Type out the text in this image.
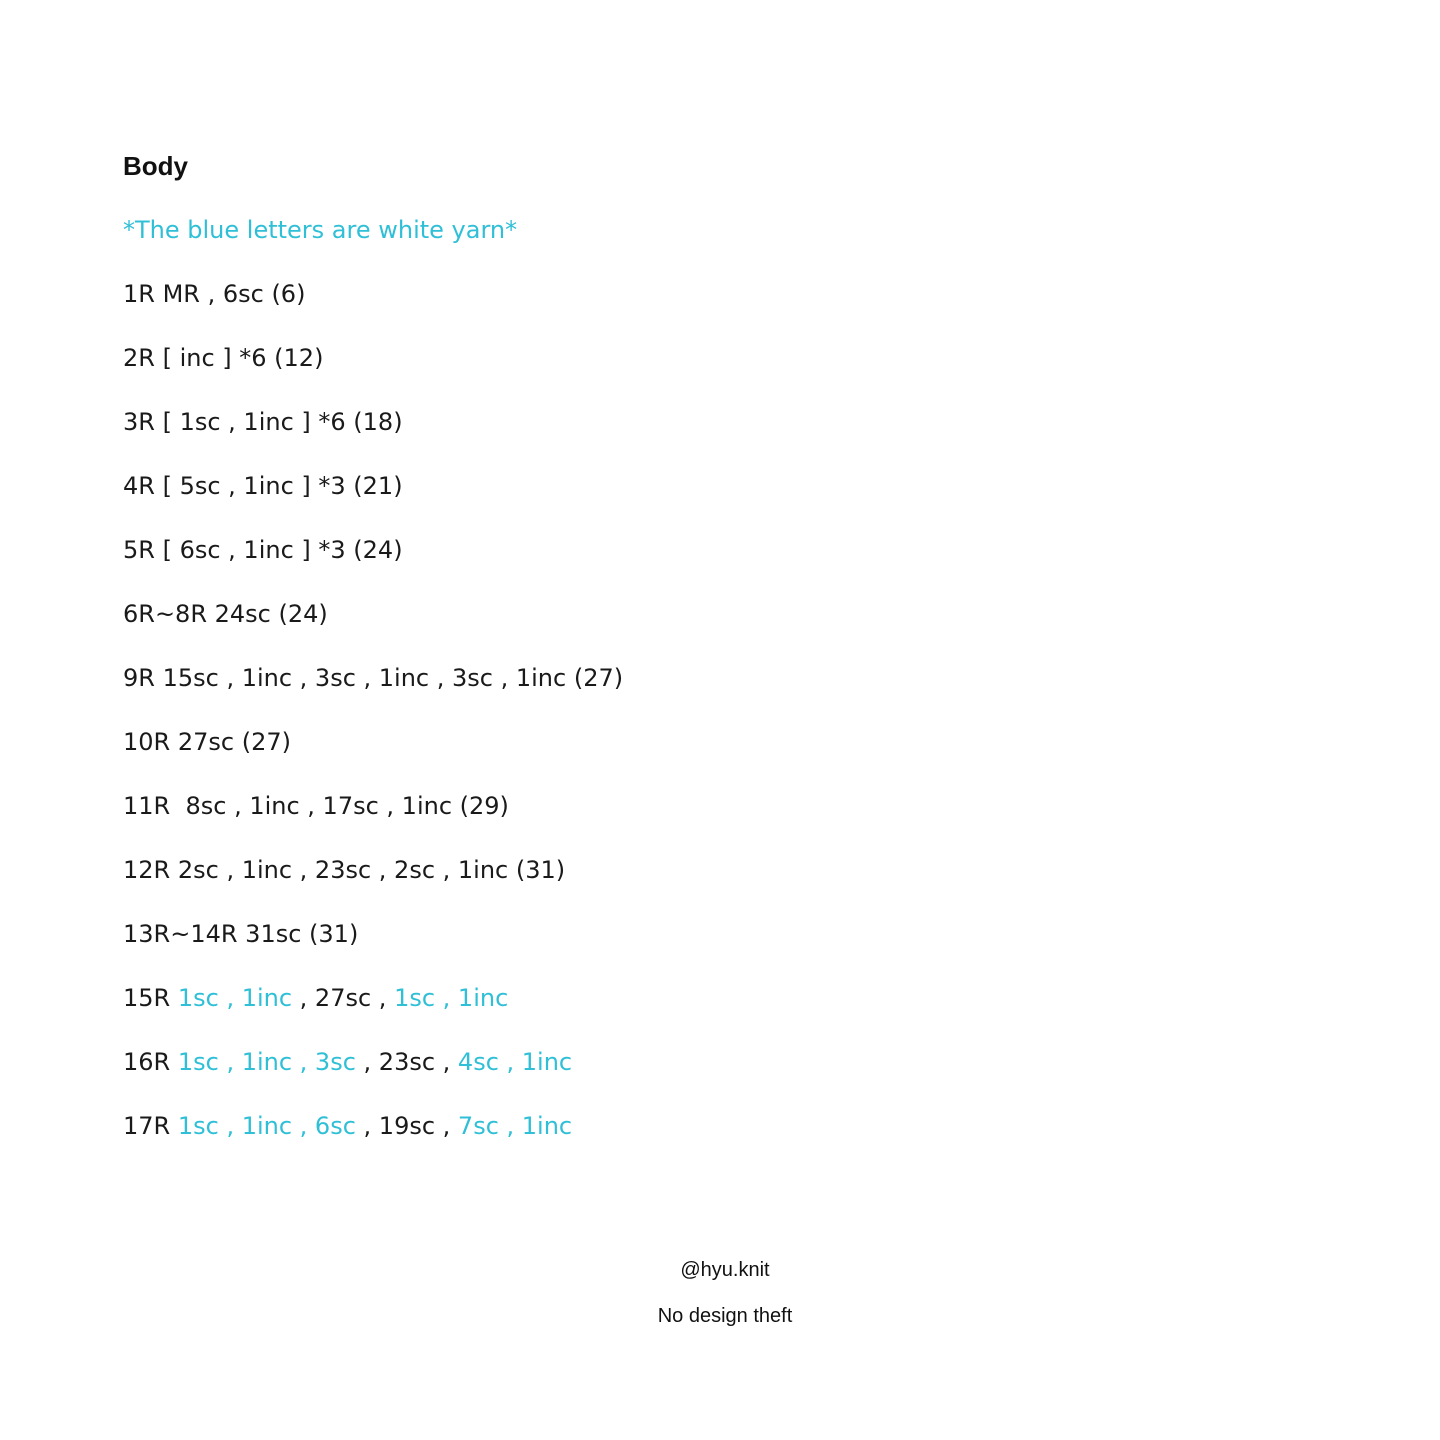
Body
*The blue letters are white yarn*
1R MR , 6sc (6)
2R [ inc ] *6 (12)
3R [ 1sc , 1inc ] *6 (18)
4R [ 5sc , 1inc ] *3 (21)
5R [ 6sc , 1inc ] *3 (24)
6R~8R 24sc (24)
9R 15sc , 1inc , 3sc , 1inc , 3sc , 1inc (27)
10R 27sc (27)
11R  8sc , 1inc , 17sc , 1inc (29)
12R 2sc , 1inc , 23sc , 2sc , 1inc (31)
13R~14R 31sc (31)
15R 1sc , 1inc , 27sc , 1sc , 1inc
16R 1sc , 1inc , 3sc , 23sc , 4sc , 1inc
17R 1sc , 1inc , 6sc , 19sc , 7sc , 1inc
@hyu.knit
No design theft
